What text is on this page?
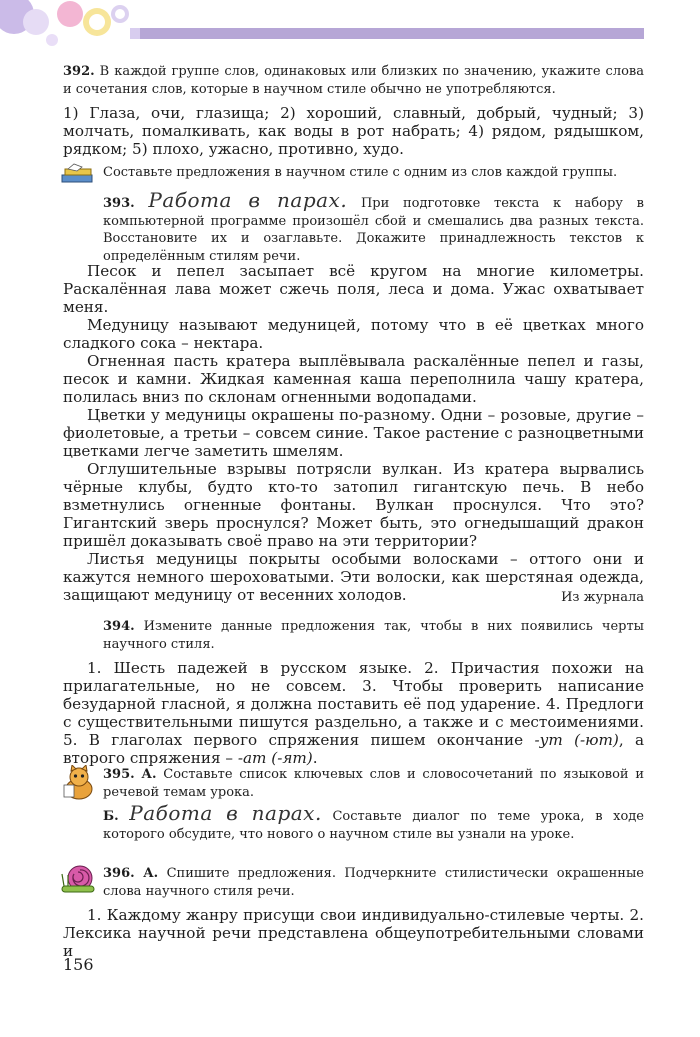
392. В каждой группе слов, одинаковых или близких по значению, укажите слова и сочетания слов, которые в научном стиле обычно не употребляются.

1) Глаза, очи, глазища; 2) хороший, славный, добрый, чудный; 3) молчать, помалкивать, как воды в рот набрать; 4) рядом, рядышком, рядком; 5) плохо, ужасно, противно, худо.

Составьте предложения в научном стиле с одним из слов каждой группы.
393. Работа в парах. При подготовке текста к набору в компьютерной программе произошёл сбой и смешались два разных текста. Восстановите их и озаглавьте. Докажите принадлежность текстов к определённым стилям речи.

Песок и пепел засыпает всё кругом на многие километры. Раскалённая лава может сжечь поля, леса и дома. Ужас охватывает меня.

Медуницу называют медуницей, потому что в её цветках много сладкого сока – нектара.

Огненная пасть кратера выплёвывала раскалённые пепел и газы, песок и камни. Жидкая каменная каша переполнила чашу кратера, полилась вниз по склонам огненными водопадами.

Цветки у медуницы окрашены по-разному. Одни – розовые, другие – фиолетовые, а третьи – совсем синие. Такое растение с разноцветными цветками легче заметить шмелям.

Оглушительные взрывы потрясли вулкан. Из кратера вырвались чёрные клубы, будто кто-то затопил гигантскую печь. В небо взметнулись огненные фонтаны. Вулкан проснулся. Что это? Гигантский зверь проснулся? Может быть, это огнедышащий дракон пришёл доказывать своё право на эти территории?

Листья медуницы покрыты особыми волосками – оттого они и кажутся немного шероховатыми. Эти волоски, как шерстяная одежда, защищают медуницу от весенних холодов.	Из журнала
394. Измените данные предложения так, чтобы в них появились черты научного стиля.

1. Шесть падежей в русском языке. 2. Причастия похожи на прилагательные, но не совсем. 3. Чтобы проверить написание безударной гласной, я должна поставить её под ударение. 4. Предлоги с существительными пишутся раздельно, а также и с местоимениями. 5. В глаголах первого спряжения пишем окончание -ут (-ют), а второго спряжения – -ат (-ят).

395. А. Составьте список ключевых слов и словосочетаний по языковой и речевой темам урока.
Б. Работа в парах. Составьте диалог по теме урока, в ходе которого обсудите, что нового о научном стиле вы узнали на уроке.
396. А. Спишите предложения. Подчеркните стилистически окрашенные слова научного стиля речи.

1. Каждому жанру присущи свои индивидуально-стилевые черты. 2. Лексика научной речи представлена общеупотребительными словами и

156
